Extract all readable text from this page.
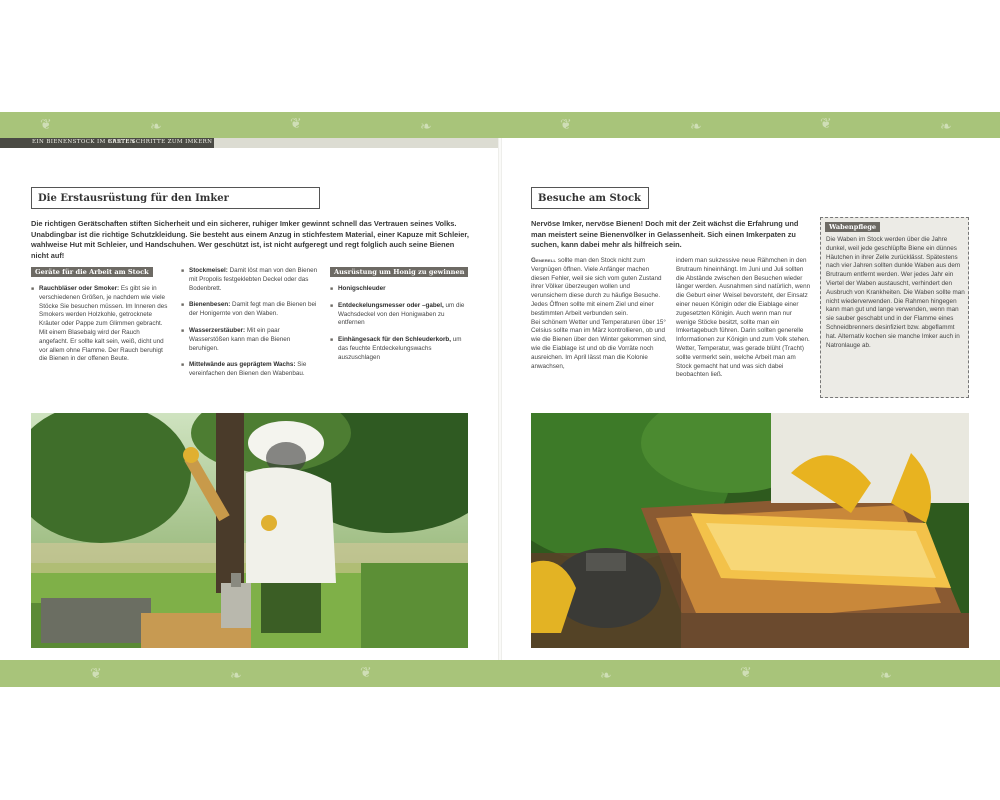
❦	❧	❦	❧	❦	❧	❦	❧
EIN BIENENSTOCK IM GARTEN
ERSTE SCHRITTE ZUM IMKERN
Die Erstausrüstung für den Imker
Die richtigen Gerätschaften stiften Sicherheit und ein sicherer, ruhiger Imker gewinnt schnell das Vertrauen seines Volks. Unabdingbar ist die richtige Schutzkleidung. Sie besteht aus einem Anzug in stichfestem Material, einer Kapuze mit Schleier, wahlweise Hut mit Schleier, und Handschuhen. Wer geschützt ist, ist nicht aufgeregt und regt folglich auch seine Bienen nicht auf!
Geräte für die Arbeit am Stock
■ Rauchbläser oder Smoker: Es gibt sie in verschiedenen Größen, je nachdem wie viele Stöcke Sie besuchen müssen. Im Inneren des Smokers werden Holzkohle, getrocknete Kräuter oder Pappe zum Glimmen gebracht. Mit einem Blasebalg wird der Rauch angefacht. Er sollte kalt sein, weiß, dicht und vor allem ohne Flamme. Der Rauch beruhigt die Bienen in der offenen Beute.
■ Stockmeisel: Damit löst man von den Bienen mit Propolis festgeklebten Deckel oder das Bodenbrett.
■ Bienenbesen: Damit fegt man die Bienen bei der Honigernte von den Waben.
■ Wasserzerstäuber: Mit ein paar Wasserstößen kann man die Bienen beruhigen.
■ Mittelwände aus geprägtem Wachs: Sie vereinfachen den Bienen den Wabenbau.
Ausrüstung um Honig zu gewinnen
■ Honigschleuder
■ Entdeckelungsmesser oder –gabel, um die Wachsdeckel von den Honigwaben zu entfernen
■ Einhängesack für den Schleuderkorb, um das feuchte Entdeckelungswachs auszuschlagen
Besuche am Stock
Nervöse Imker, nervöse Bienen! Doch mit der Zeit wächst die Erfahrung und man meistert seine Bienenvölker in Gelassenheit. Sich einen Imkerpaten zu suchen, kann dabei mehr als hilfreich sein.
Generell sollte man den Stock nicht zum Vergnügen öffnen. Viele Anfänger machen diesen Fehler, weil sie sich vom guten Zustand ihrer Völker überzeugen wollen und verunsichern diese durch zu häufige Besuche. Jedes Öffnen sollte mit einem Ziel und einer bestimmten Arbeit verbunden sein.
Bei schönem Wetter und Temperaturen über 15° Celsius sollte man im März kontrollieren, ob und wie die Bienen über den Winter gekommen sind, wie die Eiablage ist und ob die Vorräte noch ausreichen. Im April lässt man die Kolonie anwachsen,
indem man sukzessive neue Rähmchen in den Brutraum hineinhängt. Im Juni und Juli sollten die Abstände zwischen den Besuchen wieder länger werden. Ausnahmen sind natürlich, wenn die Geburt einer Weisel bevorsteht, der Einsatz einer neuen Königin oder die Eiablage einer zugesetzten Königin. Auch wenn man nur wenige Stöcke besitzt, sollte man ein Imkertagebuch führen. Darin sollten generelle Informationen zur Königin und zum Volk stehen. Wetter, Temperatur, was gerade blüht (Tracht) sollte vermerkt sein, welche Arbeit man am Stock gemacht hat und was sich dabei beobachten ließ.
Wabenpflege
Die Waben im Stock werden über die Jahre dunkel, weil jede geschlüpfte Biene ein dünnes Häutchen in ihrer Zelle zurücklässt. Spätestens nach vier Jahren sollten dunkle Waben aus dem Brutraum entfernt werden. Wer jedes Jahr ein Viertel der Waben austauscht, verhindert den Ausbruch von Krankheiten. Die Waben sollte man nicht wiederverwenden. Die Rahmen hingegen kann man gut und lange verwenden, wenn man sie sauber geschabt und in der Flamme eines Schneidbrenners desinfiziert bzw. abgeflammt hat. Alternativ kochen sie manche Imker auch in Natronlauge ab.
❦	❧	❦	❧	❦	❧
